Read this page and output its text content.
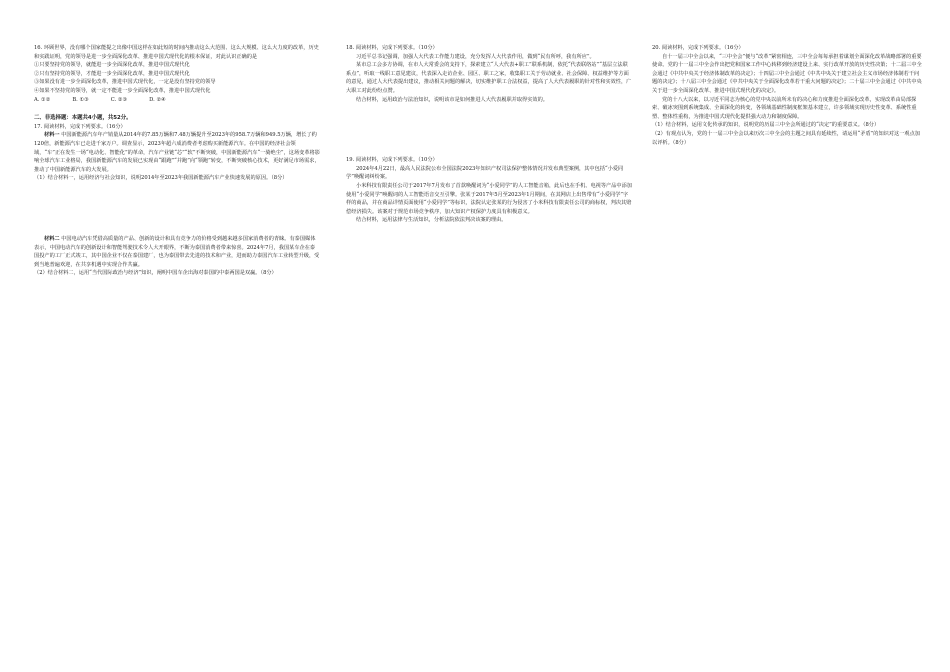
16. 环顾世界，没有哪个国家能提之出像中国这样在如此短的时间内推动这么大范围、这么大规模、这么大力度的改革，历史和实践证明，党的领导是进一步全面深化改革、推进中国式现代化的根本保证，对此认识正确的是

①只要坚持党的领导，就能进一步全面深化改革，推进中国式现代化

②只有坚持党的领导，才能进一步全面深化改革，推进中国式现代化

③如果没有进一步全面深化改革，推进中国式现代化，一定是没有坚持党的领导

④如果不坚持党的领导，就一定不能进一步全面深化改革，推进中国式现代化

A. ①②	B. ①③	C. ②③	D. ②④

二、非选择题：本题共4小题，共52分。

17. 阅读材料，完成下列要求。（16分）

材料一 中国新能源汽车年产销量从2014年的7.85万辆和7.48万辆提升至2023年的958.7万辆和949.5万辆，增长了约120倍，新能源汽车已走进千家万户。调查显示，2023年超六成消费者考虑购买新能源汽车。在中国的经济社会领域，“车”正在发生一场“电动化、智能化”的革命，汽车产业链“芯”“软”不断突破，中国新能源汽车“一骑绝尘”，这场变革将影响全球汽车工业格局，我国新能源汽车的发展已实现由“跟跑”“并跑”向“领跑”转变，不断突破核心技术，更好满足市场需求，推动了中国新能源汽车的大发展。

（1）结合材料一，运用经济与社会知识，说明2014年至2023年我国新能源汽车产业快速发展的原因。（8分）

材料二 中国电动汽车凭借高质量的产品、创新的设计和具有竞争力的价格受到越来越多国家消费者的青睐。有泰国媒体表示，中国电动汽车的创新设计和智能驾驶技术令人大开眼界，不断为泰国消费者带来惊喜。2024年7月，我国某车企在泰国投产的工厂正式竣工，其中国企业不仅在泰国建厂，也为泰国带去先进的技术和产业，进而助力泰国汽车工业转型升级，受到当地普遍欢迎，在共享机遇中实现合作共赢。

（2）结合材料二，运用“当代国际政治与经济”知识，阐明中国车企出海对泰国的中泰两国是双赢。（8分）

18. 阅读材料，完成下列要求。（10分）

习近平总书记强调，加强人大代表工作能力建设，充分发挥人大代表作用，做到“民有所呼，我有所应”。

某市总工会多方协调，在市人大常委会的支持下，探索建立“人大代表+职工”联系机制，依托“代表联络站”“基层立法联系点”，听取一线职工意见建议，代表深入走访企业、园区、职工之家，收集职工关于劳动就业、社会保障、权益维护等方面的意见，通过人大代表提出建议，推动相关问题的解决，切实维护职工合法权益，提高了人大代表履职的针对性和实效性，广大职工对此纷纷点赞。

结合材料，运用政治与法治知识，说明该市是如何推进人大代表履职并取得实效的。

19. 阅读材料，完成下列要求。（10分）

2024年4月22日，最高人民法院公布全国法院2023年知识产权司法保护整体情况并发布典型案例，其中包括“小爱同学”唤醒词纠纷案。

小米科技有限责任公司于2017年7月发布了首款唤醒词为“小爱同学”的人工智能音箱，此后也在手机、电视等产品中添加使用“小爱同学”唤醒词的人工智能语音交互引擎。张某于2017年5月至2023年1月期间，在其网店上出售带有“小爱同学”字样的商品，并在商品详情页面使用“小爱同学”等标识，法院认定张某的行为侵害了小米科技有限责任公司的商标权，判决其赔偿经济损失。该案对于规范市场竞争秩序，加大知识产权保护力度具有积极意义。

结合材料，运用法律与生活知识，分析法院依法判决该案的理由。

20. 阅读材料，完成下列要求。（16分）

自十一届三中全会以来，“三中全会”便与“改革”紧密相连，三中全会每每承担着谋划全面深化改革战略部署的重要使命。党的十一届三中全会作出把党和国家工作中心转移到经济建设上来、实行改革开放的历史性决策；十二届三中全会通过《中共中央关于经济体制改革的决定》；十四届三中全会通过《中共中央关于建立社会主义市场经济体制若干问题的决定》；十八届三中全会通过《中共中央关于全面深化改革若干重大问题的决定》；二十届三中全会通过《中共中央关于进一步全面深化改革、推进中国式现代化的决定》。

党的十八大以来，以习近平同志为核心的党中央以前所未有的决心和力度推进全面深化改革，实现改革由局部探索、破冰突围到系统集成、全面深化的转变，各领域基础性制度框架基本建立，许多领域实现历史性变革、系统性重塑、整体性重构，为推进中国式现代化提供强大动力和制度保障。

（1）结合材料，运用文化传承的知识，说明党的历届三中全会所通过的“决定”的重要意义。（8分）

（2）有观点认为，党的十一届三中全会以来历次三中全会的主题之间具有延续性，请运用“矛盾”的知识对这一观点加以评析。（8分）
